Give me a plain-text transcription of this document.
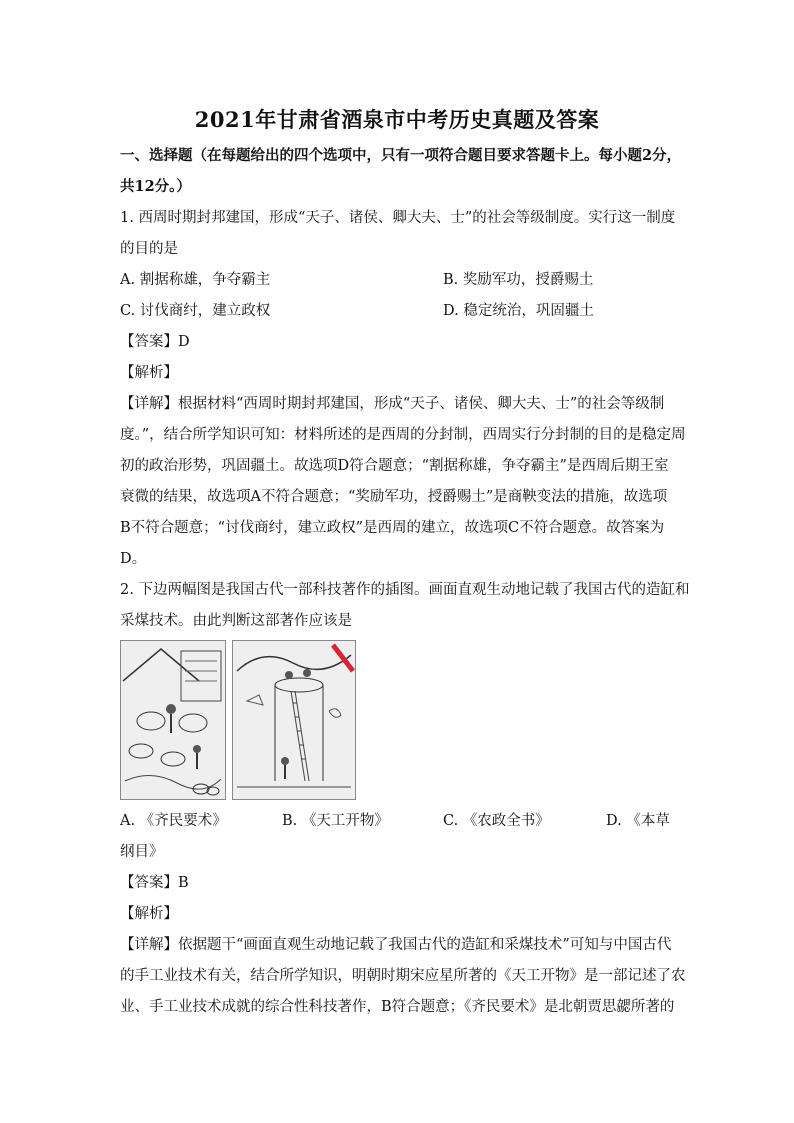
2021年甘肃省酒泉市中考历史真题及答案
一、选择题（在每题给出的四个选项中，只有一项符合题目要求答题卡上。每小题2分，
共12分。）
1. 西周时期封邦建国，形成“天子、诸侯、卿大夫、士”的社会等级制度。实行这一制度
的目的是
A. 割据称雄，争夺霸主	B. 奖励军功，授爵赐土
C. 讨伐商纣，建立政权	D. 稳定统治，巩固疆土
【答案】D
【解析】
【详解】根据材料“西周时期封邦建国，形成“天子、诸侯、卿大夫、士”的社会等级制
度。”，结合所学知识可知：材料所述的是西周的分封制，西周实行分封制的目的是稳定周
初的政治形势，巩固疆土。故选项D符合题意；“割据称雄，争夺霸主”是西周后期王室
衰微的结果，故选项A不符合题意；“奖励军功，授爵赐土”是商鞅变法的措施，故选项
B不符合题意；“讨伐商纣，建立政权”是西周的建立，故选项C不符合题意。故答案为
D。
2. 下边两幅图是我国古代一部科技著作的插图。画面直观生动地记载了我国古代的造缸和
采煤技术。由此判断这部著作应该是
A. 《齐民要术》	B. 《天工开物》	C. 《农政全书》	D. 《本草
纲目》
【答案】B
【解析】
【详解】依据题干“画面直观生动地记载了我国古代的造缸和采煤技术”可知与中国古代
的手工业技术有关，结合所学知识，明朝时期宋应星所著的《天工开物》是一部记述了农
业、手工业技术成就的综合性科技著作，B符合题意；《齐民要术》是北朝贾思勰所著的
